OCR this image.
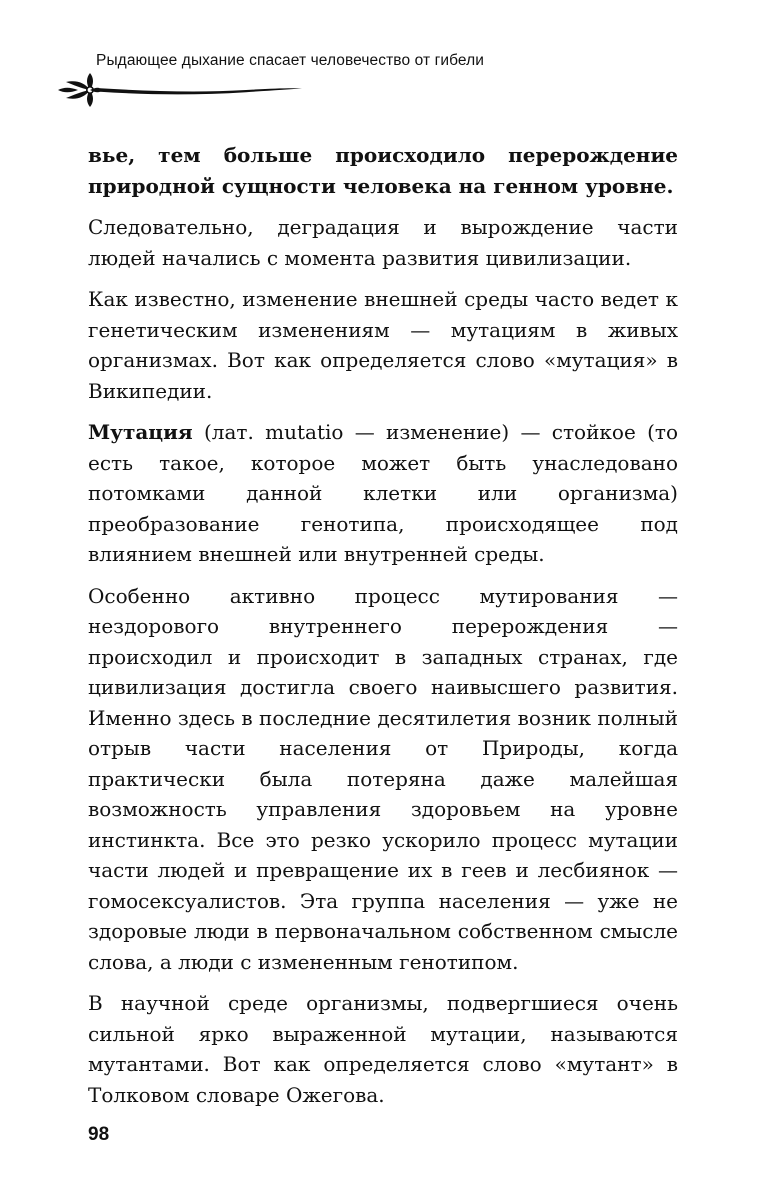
Рыдающее дыхание спасает человечество от гибели

вье, тем больше происходило перерождение природной сущности человека на генном уровне.

Следовательно, деградация и вырождение части людей начались с момента развития цивилизации.

Как известно, изменение внешней среды часто ведет к генетическим изменениям — мутациям в живых организмах. Вот как определяется слово «мутация» в Википедии.

Мутация (лат. mutatio — изменение) — стойкое (то есть такое, которое может быть унаследовано потомками данной клетки или организма) преобразование генотипа, происходящее под влиянием внешней или внутренней среды.

Особенно активно процесс мутирования — нездорового внутреннего перерождения — происходил и происходит в западных странах, где цивилизация достигла своего наивысшего развития. Именно здесь в последние десятилетия возник полный отрыв части населения от Природы, когда практически была потеряна даже малейшая возможность управления здоровьем на уровне инстинкта. Все это резко ускорило процесс мутации части людей и превращение их в геев и лесбиянок — гомосексуалистов. Эта группа населения — уже не здоровые люди в первоначальном собственном смысле слова, а люди с измененным генотипом.

В научной среде организмы, подвергшиеся очень сильной ярко выраженной мутации, называются мутантами. Вот как определяется слово «мутант» в Толковом словаре Ожегова.

98
